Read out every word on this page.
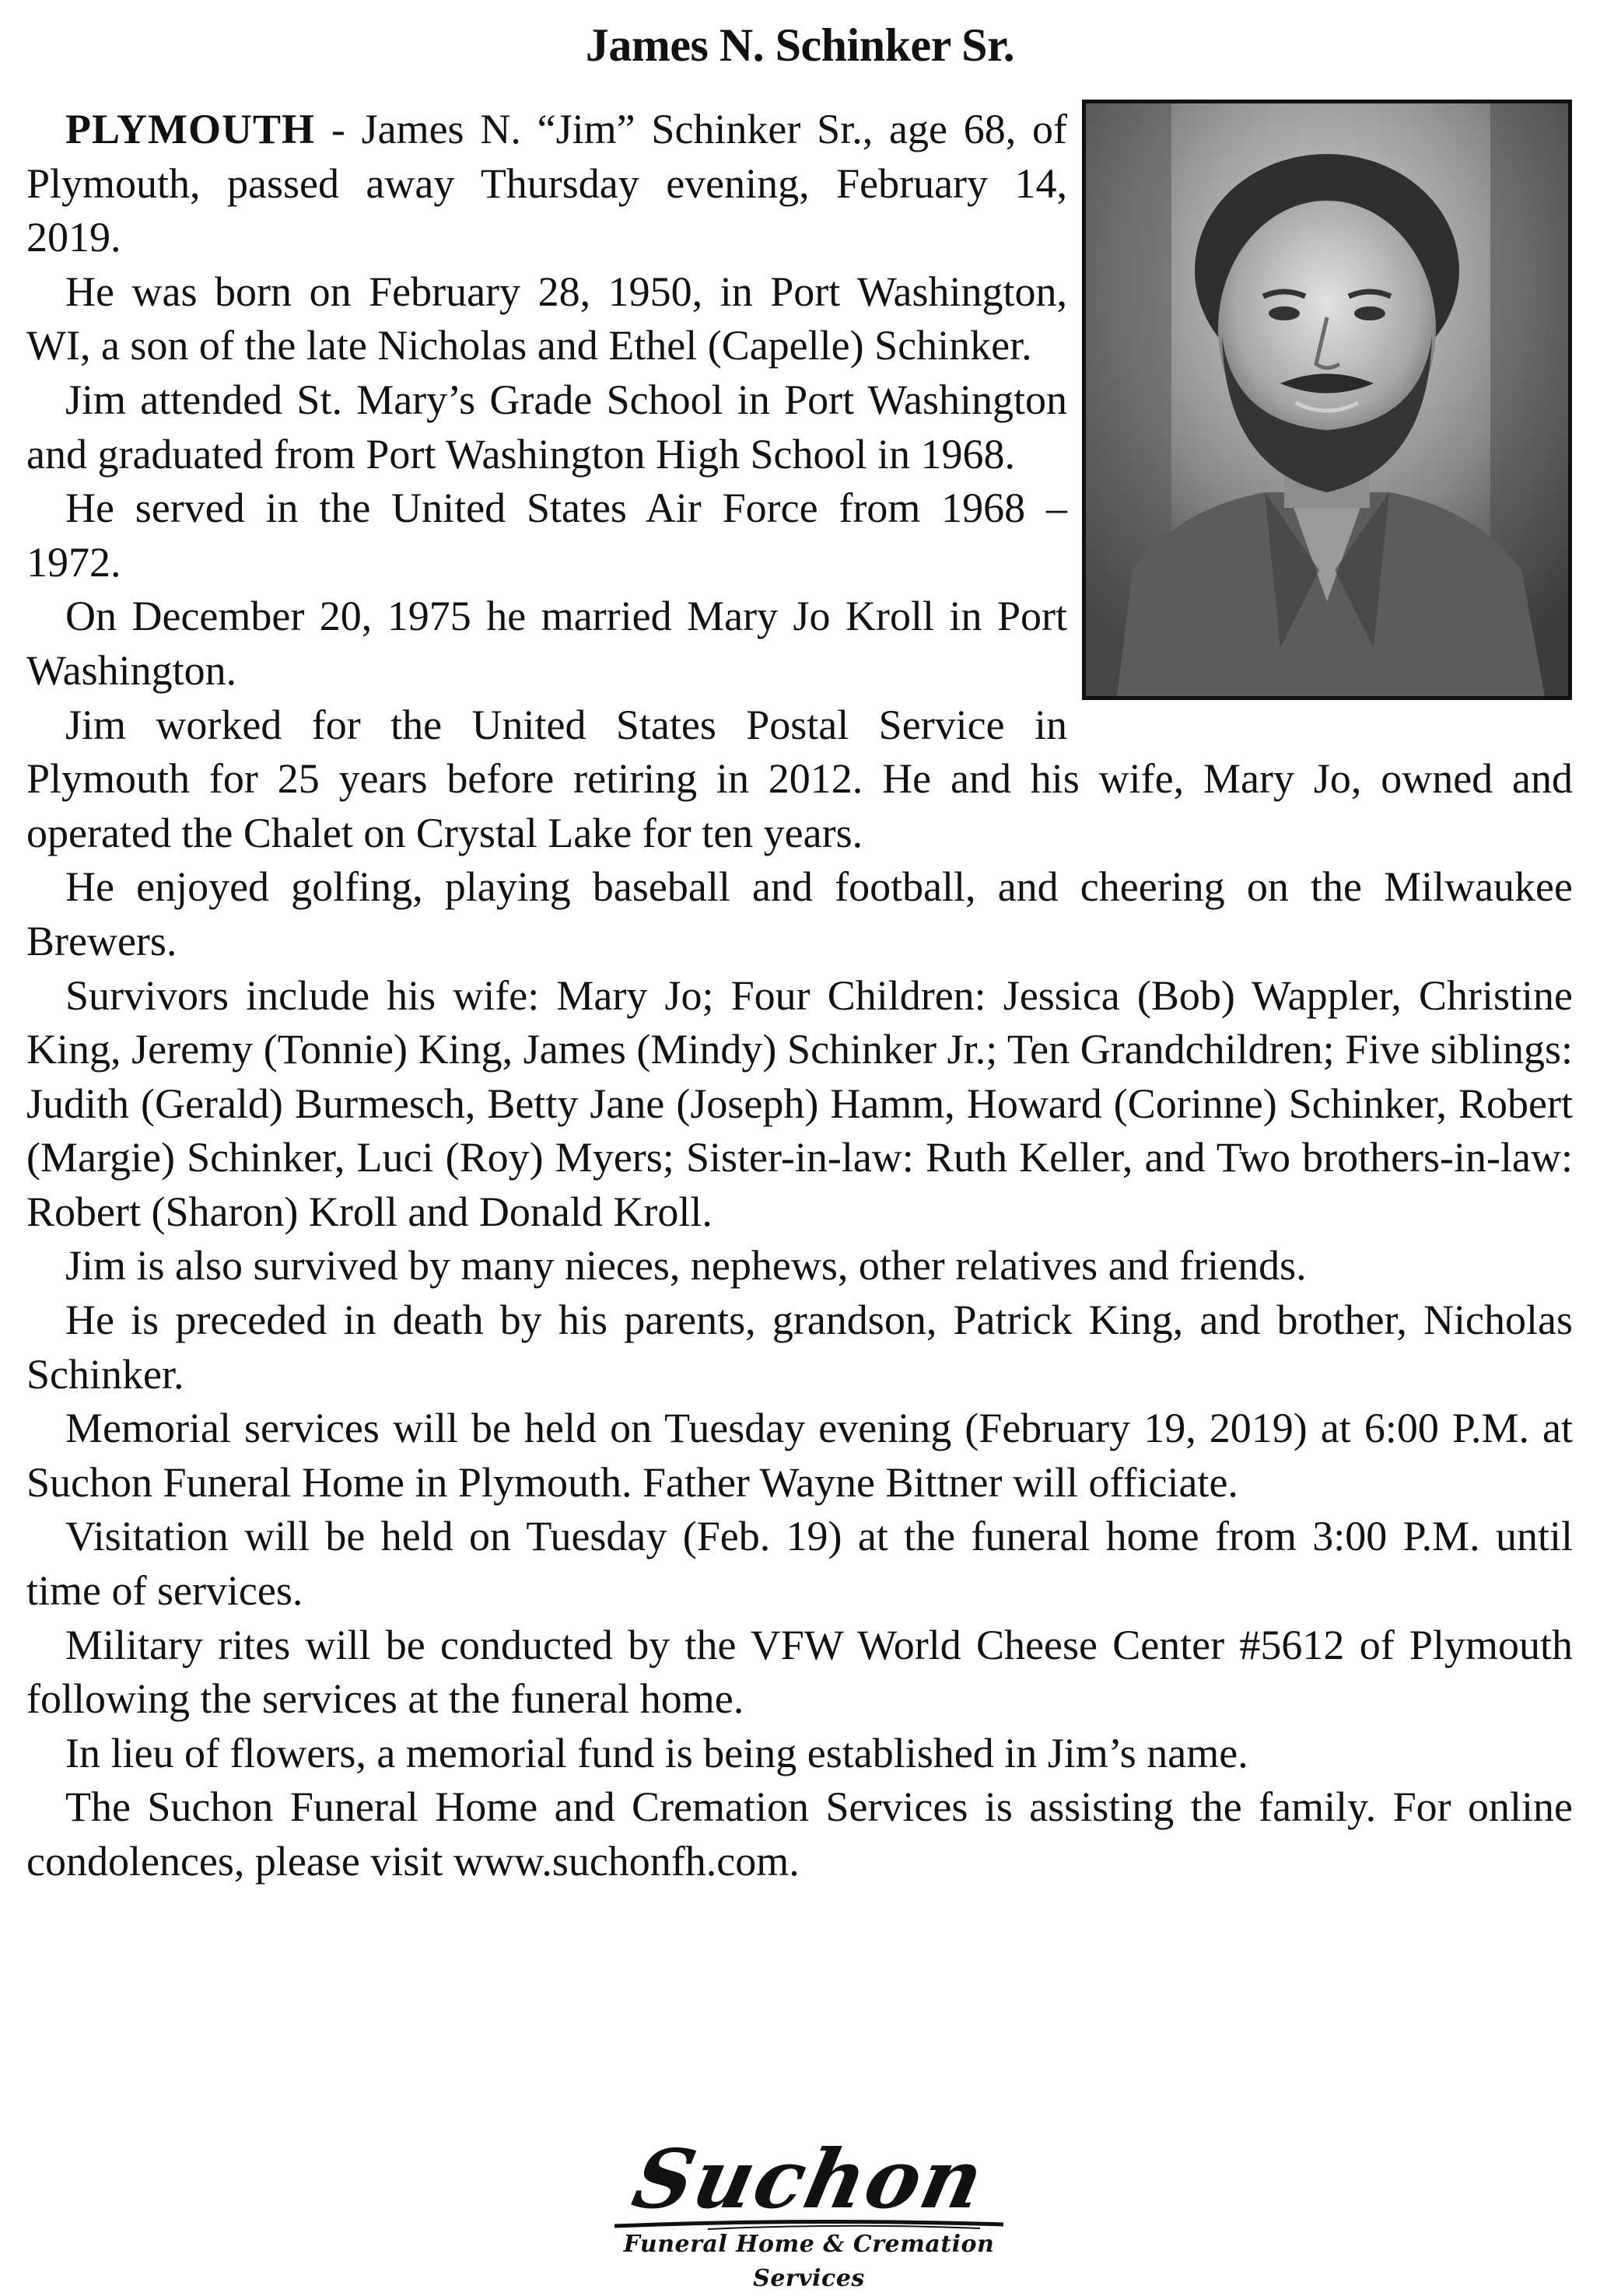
James N. Schinker Sr.

PLYMOUTH - James N. “Jim” Schinker Sr., age 68, of Plymouth, passed away Thursday evening, February 14, 2019.

He was born on February 28, 1950, in Port Washington, WI, a son of the late Nicholas and Ethel (Capelle) Schinker.

Jim attended St. Mary’s Grade School in Port Washington and graduated from Port Washington High School in 1968.

He served in the United States Air Force from 1968 – 1972.

On December 20, 1975 he married Mary Jo Kroll in Port Washington.

Jim worked for the United States Postal Service in Plymouth for 25 years before retiring in 2012. He and his wife, Mary Jo, owned and operated the Chalet on Crystal Lake for ten years.

He enjoyed golfing, playing baseball and football, and cheering on the Milwaukee Brewers.

Survivors include his wife: Mary Jo; Four Children: Jessica (Bob) Wappler, Christine King, Jeremy (Tonnie) King, James (Mindy) Schinker Jr.; Ten Grandchildren; Five siblings: Judith (Gerald) Burmesch, Betty Jane (Joseph) Hamm, Howard (Corinne) Schinker, Robert (Margie) Schinker, Luci (Roy) Myers; Sister-in-law: Ruth Keller, and Two brothers-in-law: Robert (Sharon) Kroll and Donald Kroll.

Jim is also survived by many nieces, nephews, other relatives and friends.

He is preceded in death by his parents, grandson, Patrick King, and brother, Nicholas Schinker.

Memorial services will be held on Tuesday evening (February 19, 2019) at 6:00 P.M. at Suchon Funeral Home in Plymouth. Father Wayne Bittner will officiate.

Visitation will be held on Tuesday (Feb. 19) at the funeral home from 3:00 P.M. until time of services.

Military rites will be conducted by the VFW World Cheese Center #5612 of Plymouth following the services at the funeral home.

In lieu of flowers, a memorial fund is being established in Jim’s name.

The Suchon Funeral Home and Cremation Services is assisting the family. For online condolences, please visit www.suchonfh.com.

Suchon
Funeral Home & Cremation Services
